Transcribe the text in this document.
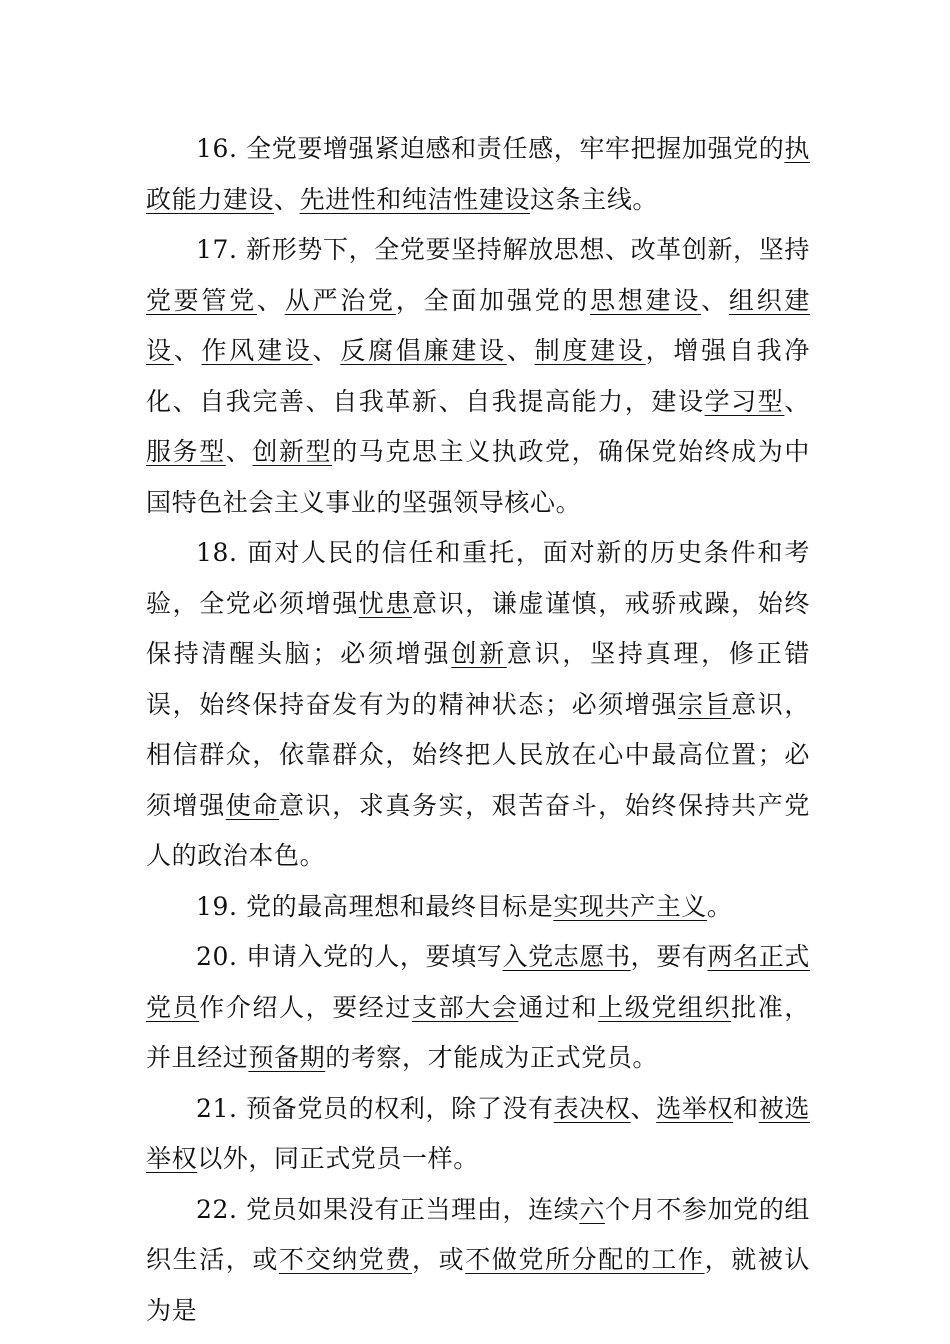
16. 全党要增强紧迫感和责任感，牢牢把握加强党的执政能力建设、先进性和纯洁性建设这条主线。

17. 新形势下，全党要坚持解放思想、改革创新，坚持党要管党、从严治党，全面加强党的思想建设、组织建设、作风建设、反腐倡廉建设、制度建设，增强自我净化、自我完善、自我革新、自我提高能力，建设学习型、服务型、创新型的马克思主义执政党，确保党始终成为中国特色社会主义事业的坚强领导核心。

18. 面对人民的信任和重托，面对新的历史条件和考验，全党必须增强忧患意识，谦虚谨慎，戒骄戒躁，始终保持清醒头脑；必须增强创新意识，坚持真理，修正错误，始终保持奋发有为的精神状态；必须增强宗旨意识，相信群众，依靠群众，始终把人民放在心中最高位置；必须增强使命意识，求真务实，艰苦奋斗，始终保持共产党人的政治本色。

19. 党的最高理想和最终目标是实现共产主义。

20. 申请入党的人，要填写入党志愿书，要有两名正式党员作介绍人，要经过支部大会通过和上级党组织批准，并且经过预备期的考察，才能成为正式党员。

21. 预备党员的权利，除了没有表决权、选举权和被选举权以外，同正式党员一样。

22. 党员如果没有正当理由，连续六个月不参加党的组织生活，或不交纳党费，或不做党所分配的工作，就被认为是
